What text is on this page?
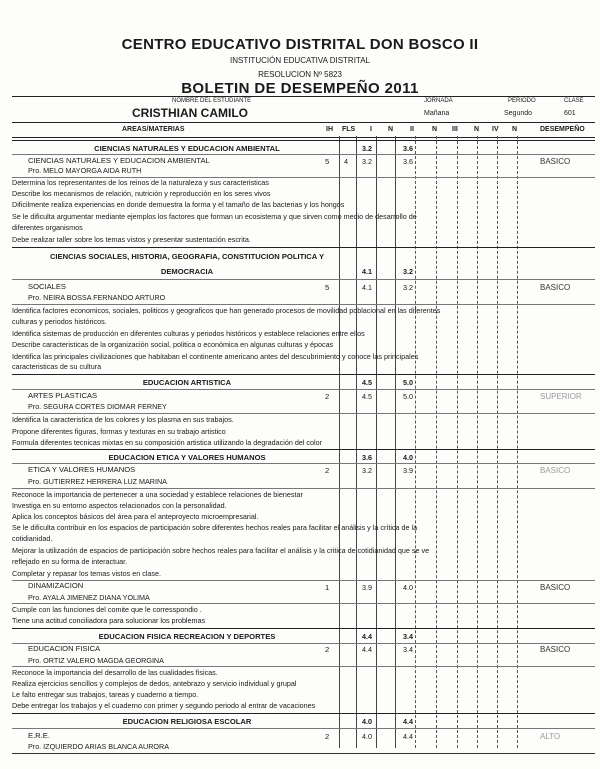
CENTRO EDUCATIVO DISTRITAL DON BOSCO II
INSTITUCIÓN EDUCATIVA DISTRITAL
RESOLUCION Nº 5823
BOLETIN DE DESEMPEÑO 2011
NOMBRE DEL ESTUDIANTE
CRISTHIAN CAMILO
JORNADA
Mañana
PERIODO
Segundo
CLASE
601
AREAS/MATERIAS	IH FLS I N II	N III N IV N	DESEMPEÑO
CIENCIAS NATURALES Y EDUCACION AMBIENTAL	3.2	3.6
CIENCIAS NATURALES Y EDUCACION AMBIENTAL	5 4 3.2	3.6	BASICO
Pro. MELO MAYORGA AIDA RUTH
Determina los representantes de los reinos de la naturaleza y sus caracteristicas
Describe los mecanismos de relación, nutrición y reproducción en los seres vivos
Dificilmente realiza experiencias en donde demuestra la forma y el tamaño de las bacterias y los hongos
Se le dificulta argumentar mediante ejemplos los factores que forman un ecosistema y que sirven como medio de desarrollo de
diferentes organismos
Debe realizar taller sobre los temas vistos y presentar sustentación escrita.
CIENCIAS SOCIALES, HISTORIA, GEOGRAFIA, CONSTITUCION POLITICA Y
DEMOCRACIA	4.1	3.2
SOCIALES	5	4.1	3.2	BASICO
Pro. NEIRA BOSSA FERNANDO ARTURO
Identifica factores economicos, sociales, politicos y geograficos que han generado procesos de movilidad poblacional en las diferentes
culturas y periodos históricos.
Identifica sistemas de producción en diferentes culturas y periodos históricos y establece relaciones entre ellos
Describe caracteristicas de la organización social, politica o económica en algunas culturas y épocas
Identifica las principales civilizaciones que habitaban el continente americano antes del descubrimiento y conoce las principales
caracteristicas de su cultura
EDUCACION ARTISTICA	4.5	5.0
ARTES PLASTICAS	2	4.5	5.0	SUPERIOR
Pro. SEGURA CORTES DIOMAR FERNEY
Identifica la caracteristica de los colores y los plasma en sus trabajos.
Propone diferentes figuras, formas y texturas en su trabajo artistico
Formula diferentes tecnicas mixtas en su composición artistica utilizando la degradación del color
EDUCACION ETICA Y VALORES HUMANOS	3.6	4.0
ETICA Y VALORES HUMANOS	2	3.2	3.9	BASICO
Pro. GUTIERREZ HERRERA LUZ MARINA
Reconoce la importancia de pertenecer a una sociedad y establece relaciones de bienestar
Investiga en su entorno aspectos relacionados con la personalidad.
Aplica los conceptos básicos del área para el anteproyecto microempresarial.
Se le dificulta contribuir en los espacios de participación sobre diferentes hechos reales para facilitar el análisis y la crítica de la
cotidianidad.
Mejorar la utilización de espacios de participación sobre hechos reales para facilitar el análisis y la critica de cotidianidad que se ve
reflejado en su forma de interactuar.
Completar y repasar los temas vistos en clase.
DINAMIZACION	1	3.9	4.0	BASICO
Pro. AYALA JIMENEZ DIANA YOLIMA
Cumple con las funciones del comite que le corresspondio .
Tiene una actitud conciliadora para solucionar los problemas
EDUCACION FISICA RECREACION Y DEPORTES	4.4	3.4
EDUCACION FISICA	2	4.4	3.4	BASICO
Pro. ORTIZ VALERO MAGDA GEORGINA
Reconoce la importancia del desarrollo de las cualidades fisicas.
Realiza ejercicios sencillos y complejos de dedos, antebrazo y servicio individual y grupal
Le falto entregar sus trabajos, tareas y cuaderno a tiempo.
Debe entregar los trabajos y el cuaderno con primer y segundo periodo al entrar de vacaciones
EDUCACION RELIGIOSA ESCOLAR	4.0	4.4
E.R.E.	2	4.0	4.4	ALTO
Pro. IZQUIERDO ARIAS BLANCA AURORA
